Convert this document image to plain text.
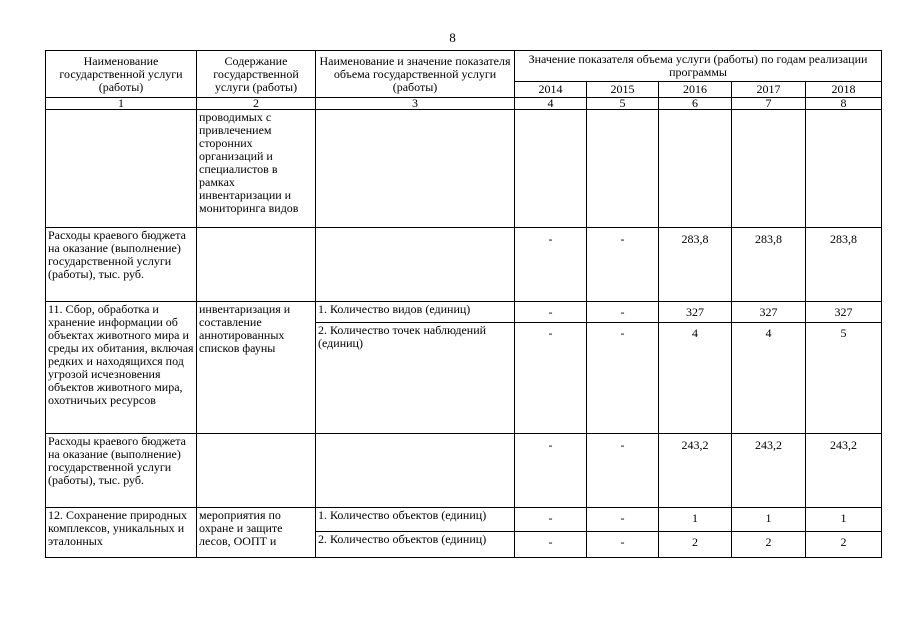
8
Наименование государственной услуги (работы)	Содержание государственной услуги (работы)	Наименование и значение показателя объема государственной услуги (работы)	Значение показателя объема услуги (работы) по годам реализации программы				
			2014	2015	2016	2017	2018
1	2	3	4	5	6	7	8
	проводимых с привлечением сторонних организаций и специалистов в рамках инвентаризации и мониторинга видов						
Расходы краевого бюджета на оказание (выполнение) государственной услуги (работы), тыс. руб.			-	-	283,8	283,8	283,8
11. Сбор, обработка и хранение информации об объектах животного мира и среды их обитания, включая редких и находящихся под угрозой исчезновения объектов животного мира, охотничьих ресурсов	инвентаризация и составление аннотированных списков фауны	1. Количество видов (единиц)	-	-	327	327	327
		2. Количество точек наблюдений (единиц)	-	-	4	4	5
Расходы краевого бюджета на оказание (выполнение) государственной услуги (работы), тыс. руб.			-	-	243,2	243,2	243,2
12. Сохранение природных комплексов, уникальных и эталонных	мероприятия по охране и защите лесов, ООПТ и	1. Количество объектов (единиц)	-	-	1	1	1
		2. Количество объектов (единиц)	-	-	2	2	2
